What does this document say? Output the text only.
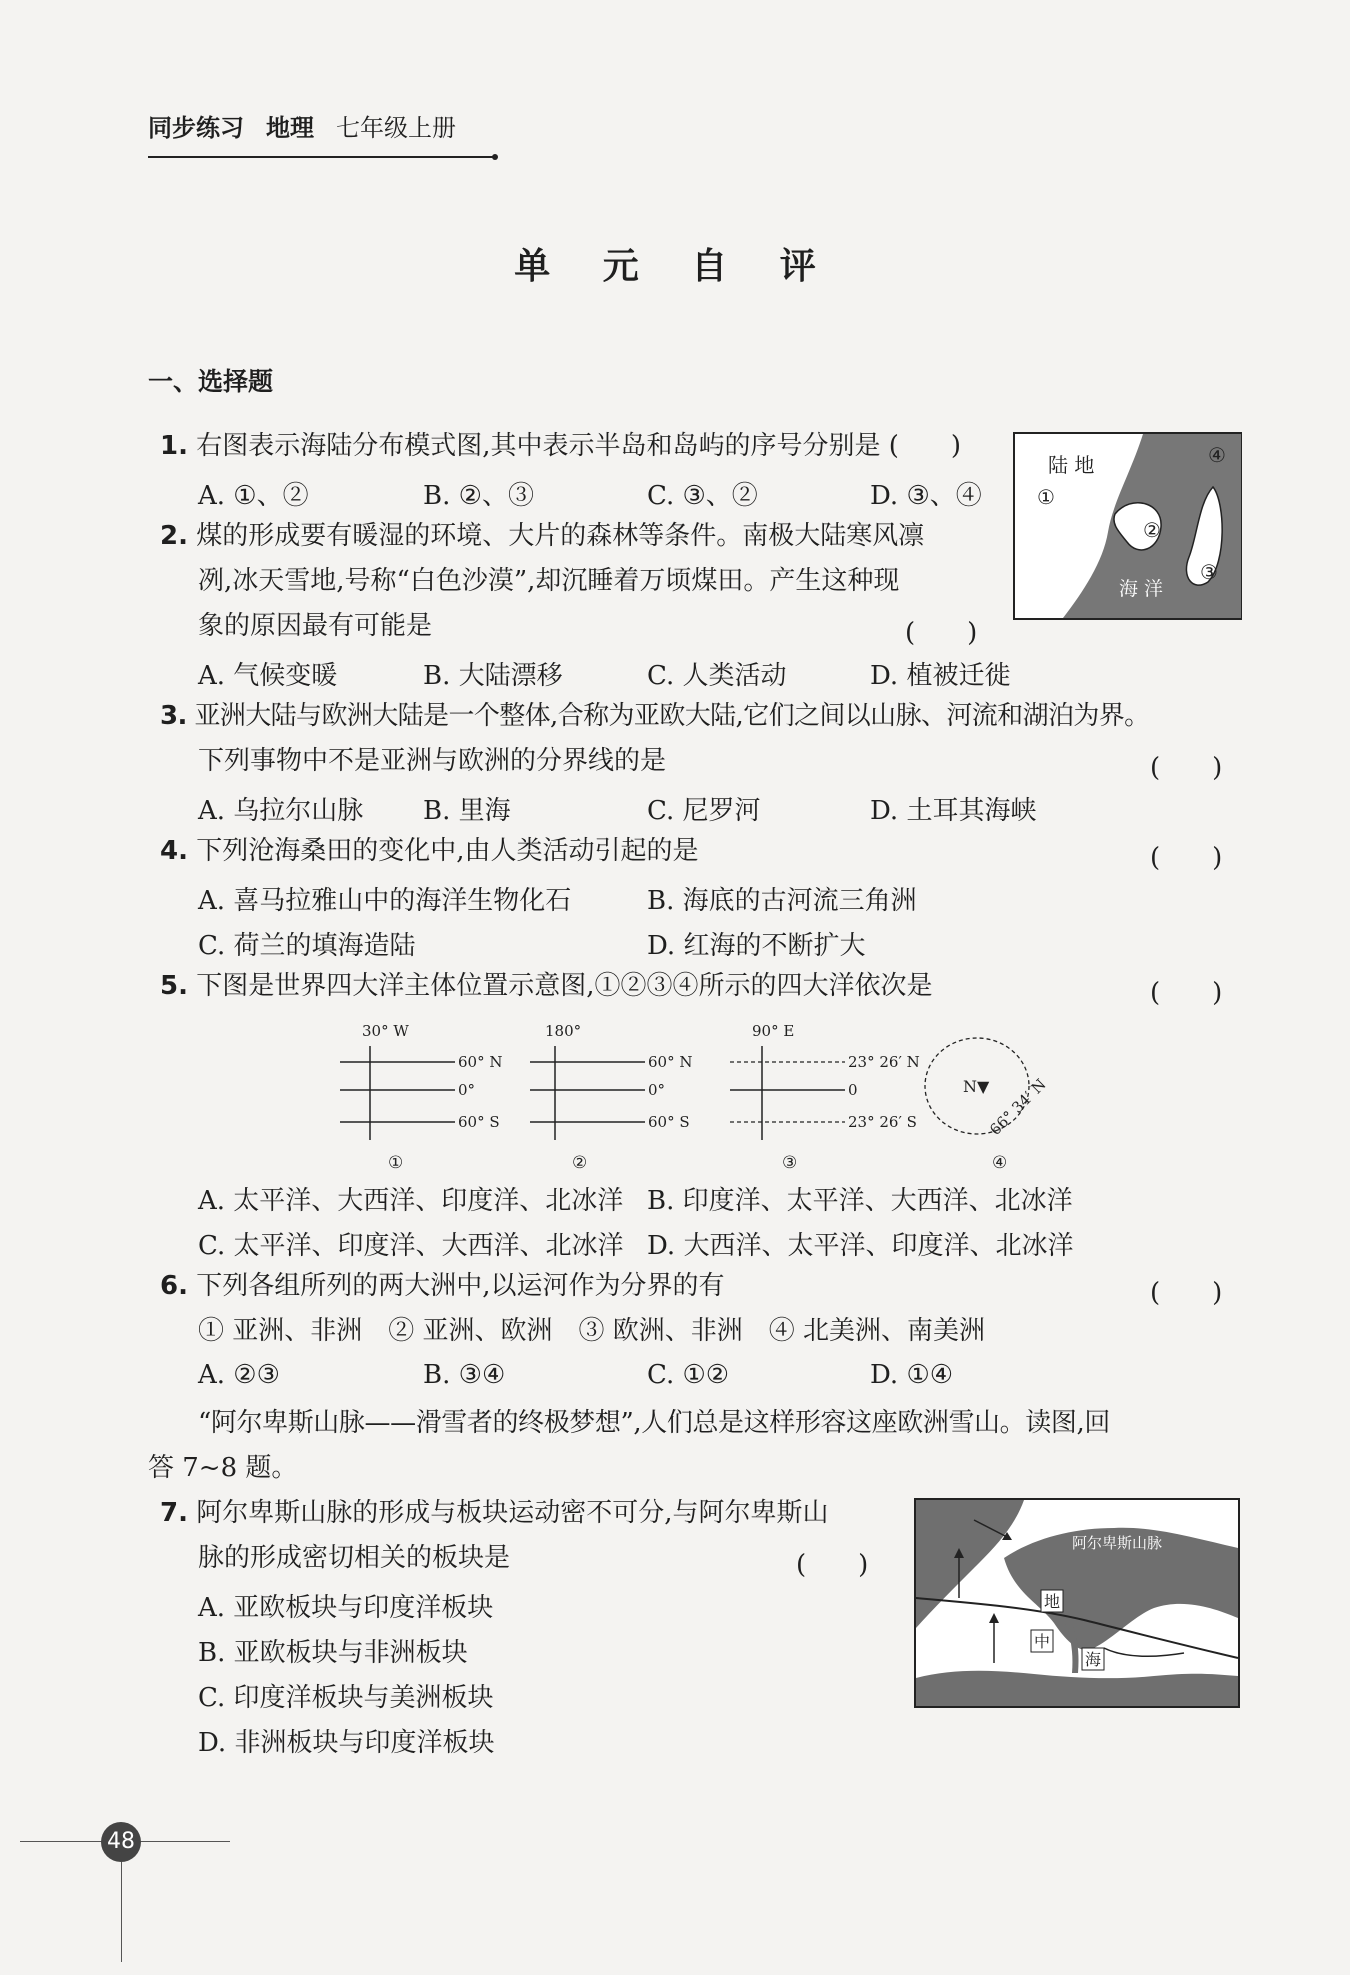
同步练习 地理 七年级上册
单 元 自 评
一、选择题
1. 右图表示海陆分布模式图,其中表示半岛和岛屿的序号分别是 (　　)
A. ①、②	B. ②、③	C. ③、②	D. ③、④
陆 地
①
②
③
④
海 洋
2. 煤的形成要有暖湿的环境、大片的森林等条件。南极大陆寒风凛
冽,冰天雪地,号称“白色沙漠”,却沉睡着万顷煤田。产生这种现
象的原因最有可能是	(　　)
A. 气候变暖	B. 大陆漂移	C. 人类活动	D. 植被迁徙
3. 亚洲大陆与欧洲大陆是一个整体,合称为亚欧大陆,它们之间以山脉、河流和湖泊为界。
下列事物中不是亚洲与欧洲的分界线的是	(　　)
A. 乌拉尔山脉 B. 里海	C. 尼罗河	D. 土耳其海峡
4. 下列沧海桑田的变化中,由人类活动引起的是	(　　)
A. 喜马拉雅山中的海洋生物化石	B. 海底的古河流三角洲
C. 荷兰的填海造陆	D. 红海的不断扩大
5. 下图是世界四大洋主体位置示意图,①②③④所示的四大洋依次是	(　　)
30° W
60° N
0°
60° S
①
180°
60° N
0°
60° S
②
90° E
23° 26′ N
0
23° 26′ S
③
N▼
66° 34′ N
④
A. 太平洋、大西洋、印度洋、北冰洋 B. 印度洋、太平洋、大西洋、北冰洋
C. 太平洋、印度洋、大西洋、北冰洋 D. 大西洋、太平洋、印度洋、北冰洋
6. 下列各组所列的两大洲中,以运河作为分界的有	(　　)
① 亚洲、非洲　② 亚洲、欧洲　③ 欧洲、非洲　④ 北美洲、南美洲
A. ②③	B. ③④	C. ①②	D. ①④
“阿尔卑斯山脉——滑雪者的终极梦想”,人们总是这样形容这座欧洲雪山。读图,回
答 7~8 题。
7. 阿尔卑斯山脉的形成与板块运动密不可分,与阿尔卑斯山
脉的形成密切相关的板块是	(　　)
A. 亚欧板块与印度洋板块
B. 亚欧板块与非洲板块
C. 印度洋板块与美洲板块
D. 非洲板块与印度洋板块
阿尔卑斯山脉
地
中
海
48
